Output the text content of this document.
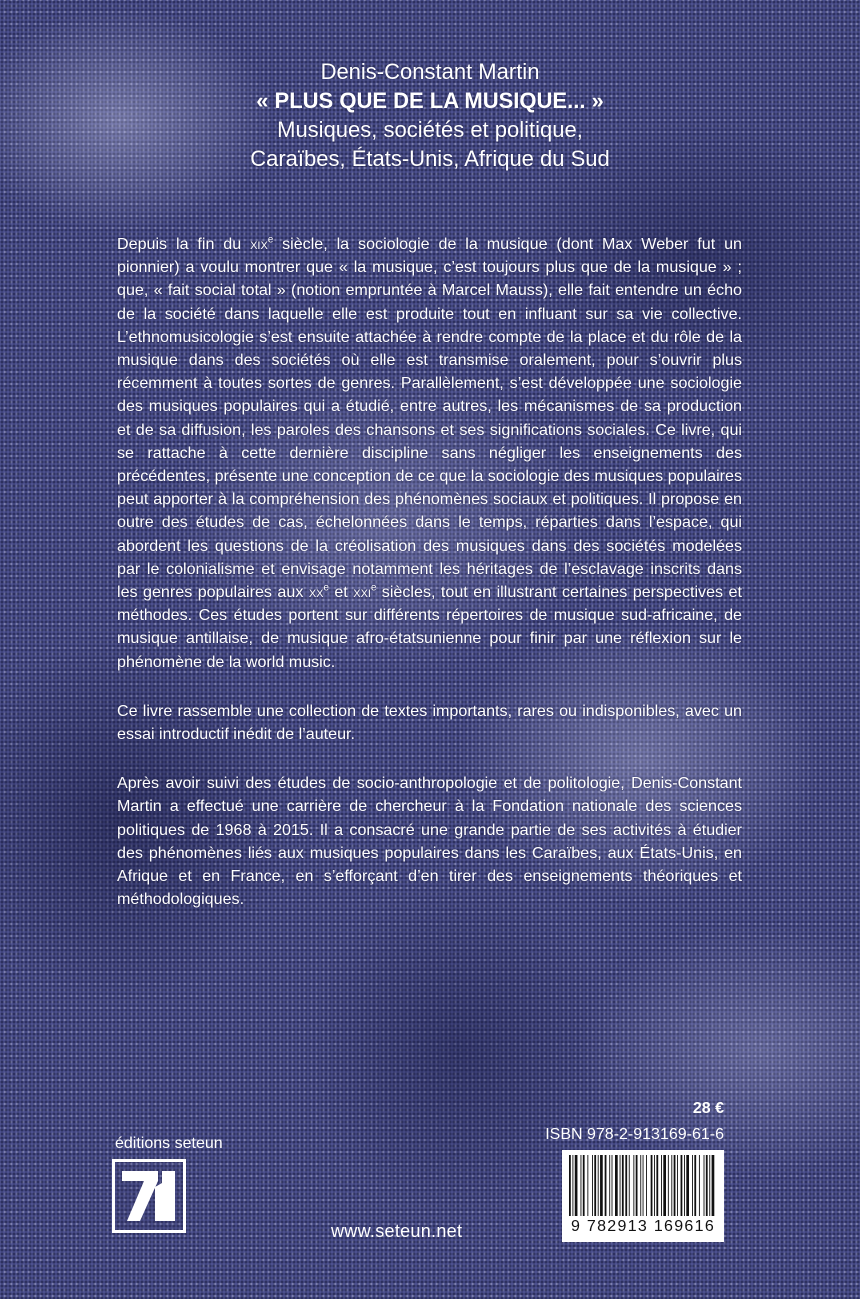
Denis-Constant Martin
« PLUS QUE DE LA MUSIQUE... »
Musiques, sociétés et politique,
Caraïbes, États-Unis, Afrique du Sud

Depuis la fin du xix$^e$ siècle, la sociologie de la musique (dont Max Weber fut un pionnier) a voulu montrer que « la musique, c’est toujours plus que de la musique » ; que, « fait social total » (notion empruntée à Marcel Mauss), elle fait entendre un écho de la société dans laquelle elle est produite tout en influant sur sa vie collective. L’ethnomusicologie s’est ensuite attachée à rendre compte de la place et du rôle de la musique dans des sociétés où elle est transmise oralement, pour s’ouvrir plus récemment à toutes sortes de genres. Parallèlement, s’est développée une sociologie des musiques populaires qui a étudié, entre autres, les mécanismes de sa production et de sa diffusion, les paroles des chansons et ses significations sociales. Ce livre, qui se rattache à cette dernière discipline sans négliger les enseignements des précédentes, présente une conception de ce que la sociologie des musiques populaires peut apporter à la compréhension des phénomènes sociaux et politiques. Il propose en outre des études de cas, échelonnées dans le temps, réparties dans l’espace, qui abordent les questions de la créolisation des musiques dans des sociétés modelées par le colonialisme et envisage notamment les héritages de l’esclavage inscrits dans les genres populaires aux $xx^e$ et xxi$^e$ siècles, tout en illustrant certaines perspectives et méthodes. Ces études portent sur différents répertoires de musique sud-africaine, de musique antillaise, de musique afro-étatsunienne pour finir par une réflexion sur le phénomène de la world music.

Ce livre rassemble une collection de textes importants, rares ou indisponibles, avec un essai introductif inédit de l’auteur.

Après avoir suivi des études de socio-anthropologie et de politologie, Denis-Constant Martin a effectué une carrière de chercheur à la Fondation nationale des sciences politiques de 1968 à 2015. Il a consacré une grande partie de ses activités à étudier des phénomènes liés aux musiques populaires dans les Caraïbes, aux États-Unis, en Afrique et en France, en s’efforçant d’en tirer des enseignements théoriques et méthodologiques.

éditions seteun
www.seteun.net
28 €
ISBN 978-2-913169-61-6
9 782913 169616
